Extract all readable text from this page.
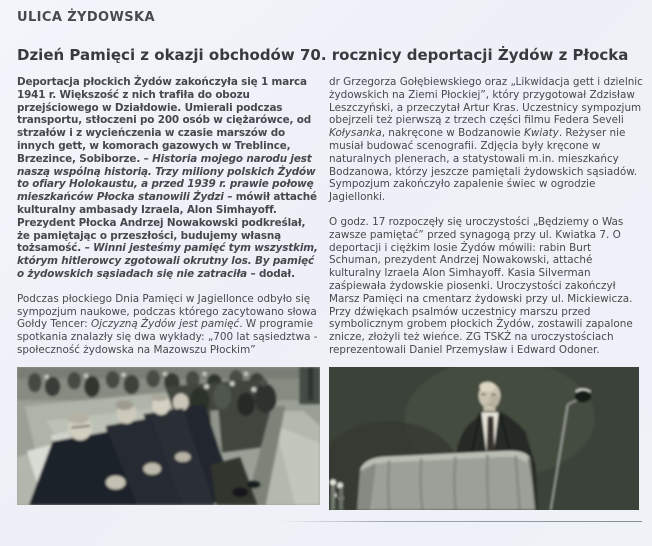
ULICA ŻYDOWSKA
Dzień Pamięci z okazji obchodów 70. rocznicy deportacji Żydów z Płocka

Deportacja płockich Żydów zakończyła się 1 marca 1941 r. Większość z nich trafiła do obozu przejściowego w Działdowie. Umierali podczas transportu, stłoczeni po 200 osób w ciężarówce, od strzałów i z wycieńczenia w czasie marszów do innych gett, w komorach gazowych w Treblince, Brzezince, Sobiborze. – Historia mojego narodu jest naszą wspólną historią. Trzy miliony polskich Żydów to ofiary Holokaustu, a przed 1939 r. prawie połowę mieszkańców Płocka stanowili Żydzi – mówił attaché kulturalny ambasady Izraela, Alon Simhayoff. Prezydent Płocka Andrzej Nowakowski podkreślał, że pamiętając o przeszłości, budujemy własną tożsamość. – Winni jesteśmy pamięć tym wszystkim, którym hitlerowcy zgotowali okrutny los. By pamięć o żydowskich sąsiadach się nie zatraciła – dodał.

Podczas płockiego Dnia Pamięci w Jagiellonce odbyło się sympozjum naukowe, podczas którego zacytowano słowa Gołdy Tencer: Ojczyzną Żydów jest pamięć. W programie spotkania znalazły się dwa wykłady: „700 lat sąsiedztwa - społeczność żydowska na Mazowszu Płockim”

dr Grzegorza Gołębiewskiego oraz „Likwidacja gett i dzielnic żydowskich na Ziemi Płockiej”, który przygotował Zdzisław Leszczyński, a przeczytał Artur Kras. Uczestnicy sympozjum obejrzeli też pierwszą z trzech części filmu Federa Seveli Kołysanka, nakręcone w Bodzanowie Kwiaty. Reżyser nie musiał budować scenografii. Zdjęcia były kręcone w naturalnych plenerach, a statystowali m.in. mieszkańcy Bodzanowa, którzy jeszcze pamiętali żydowskich sąsiadów. Sympozjum zakończyło zapalenie świec w ogrodzie Jagiellonki.

O godz. 17 rozpoczęły się uroczystości „Będziemy o Was zawsze pamiętać” przed synagogą przy ul. Kwiatka 7. O deportacji i ciężkim losie Żydów mówili: rabin Burt Schuman, prezydent Andrzej Nowakowski, attaché kulturalny Izraela Alon Simhayoff. Kasia Silverman zaśpiewała żydowskie piosenki. Uroczystości zakończył Marsz Pamięci na cmentarz żydowski przy ul. Mickiewicza. Przy dźwiękach psalmów uczestnicy marszu przed symbolicznym grobem płockich Żydów, zostawili zapalone znicze, złożyli też wieńce. ZG TSKŻ na uroczystościach reprezentowali Daniel Przemysław i Edward Odoner.
